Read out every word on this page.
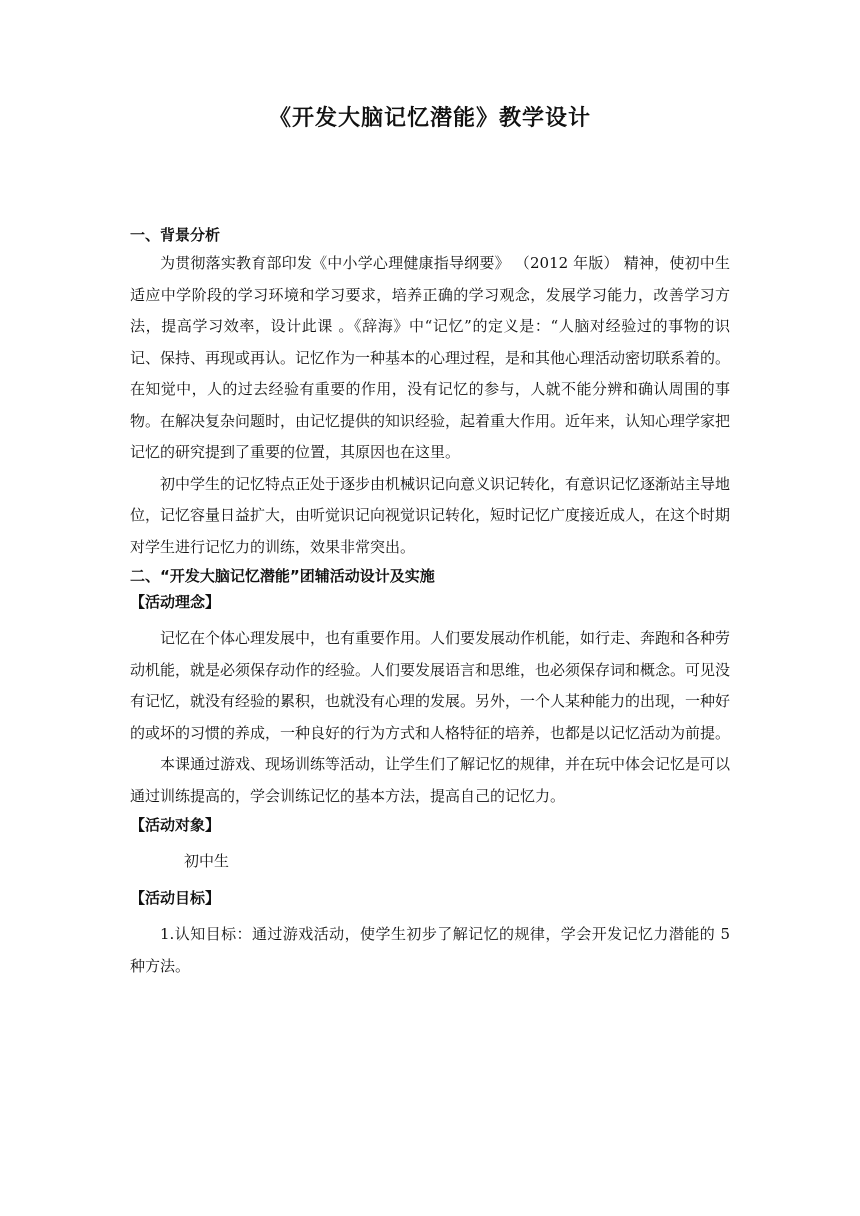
《开发大脑记忆潜能》教学设计

一、背景分析

为贯彻落实教育部印发《中小学心理健康指导纲要》 （2012 年版） 精神，使初中生适应中学阶段的学习环境和学习要求，培养正确的学习观念，发展学习能力，改善学习方法，提高学习效率，设计此课 。《辞海》中“记忆”的定义是：“人脑对经验过的事物的识记、保持、再现或再认。记忆作为一种基本的心理过程，是和其他心理活动密切联系着的。在知觉中，人的过去经验有重要的作用，没有记忆的参与，人就不能分辨和确认周围的事物。在解决复杂问题时，由记忆提供的知识经验，起着重大作用。近年来，认知心理学家把记忆的研究提到了重要的位置，其原因也在这里。

初中学生的记忆特点正处于逐步由机械识记向意义识记转化，有意识记忆逐渐站主导地位，记忆容量日益扩大，由听觉识记向视觉识记转化，短时记忆广度接近成人，在这个时期对学生进行记忆力的训练，效果非常突出。

二、“开发大脑记忆潜能”团辅活动设计及实施

【活动理念】

记忆在个体心理发展中，也有重要作用。人们要发展动作机能，如行走、奔跑和各种劳动机能，就是必须保存动作的经验。人们要发展语言和思维，也必须保存词和概念。可见没有记忆，就没有经验的累积，也就没有心理的发展。另外，一个人某种能力的出现，一种好的或坏的习惯的养成，一种良好的行为方式和人格特征的培养，也都是以记忆活动为前提。

本课通过游戏、现场训练等活动，让学生们了解记忆的规律，并在玩中体会记忆是可以通过训练提高的，学会训练记忆的基本方法，提高自己的记忆力。

【活动对象】

初中生

【活动目标】

1.认知目标：通过游戏活动，使学生初步了解记忆的规律，学会开发记忆力潜能的 5 种方法。
